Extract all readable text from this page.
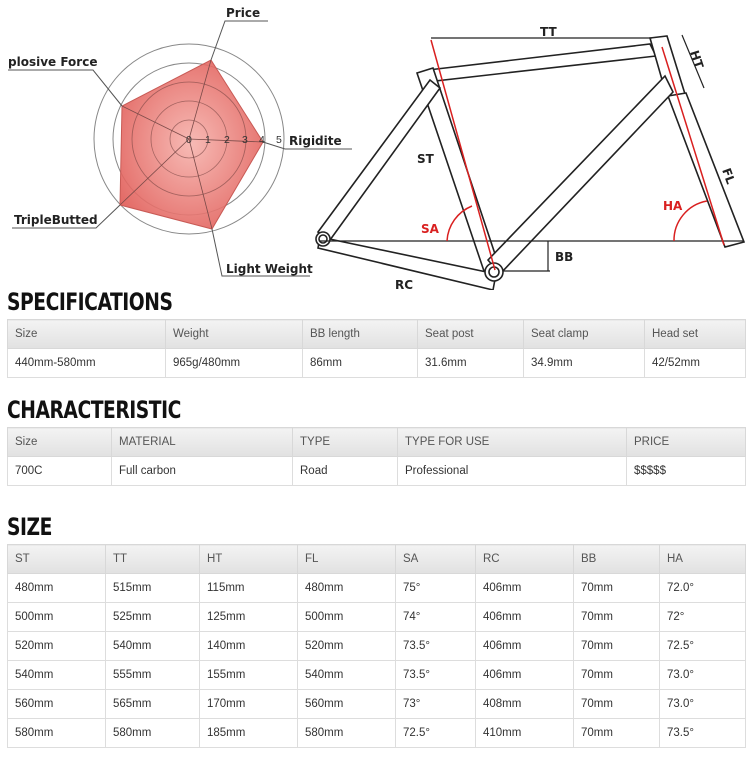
0 1 2 3 4 5
Price
Rigidite
Light Weight
TripleButted
plosive Force
TT
HT
ST
FL
SA
HA
BB
RC
SPECIFICATIONS
Size	Weight	BB length	Seat post	Seat clamp	Head set
440mm-580mm	965g/480mm	86mm	31.6mm	34.9mm	42/52mm
CHARACTERISTIC
Size	MATERIAL	TYPE	TYPE FOR USE	PRICE
700C	Full carbon	Road	Professional	$$$$$
SIZE
ST	TT	HT	FL	SA	RC	BB	HA
480mm	515mm	115mm	480mm	75°	406mm	70mm	72.0°
500mm	525mm	125mm	500mm	74°	406mm	70mm	72°
520mm	540mm	140mm	520mm	73.5°	406mm	70mm	72.5°
540mm	555mm	155mm	540mm	73.5°	406mm	70mm	73.0°
560mm	565mm	170mm	560mm	73°	408mm	70mm	73.0°
580mm	580mm	185mm	580mm	72.5°	410mm	70mm	73.5°
